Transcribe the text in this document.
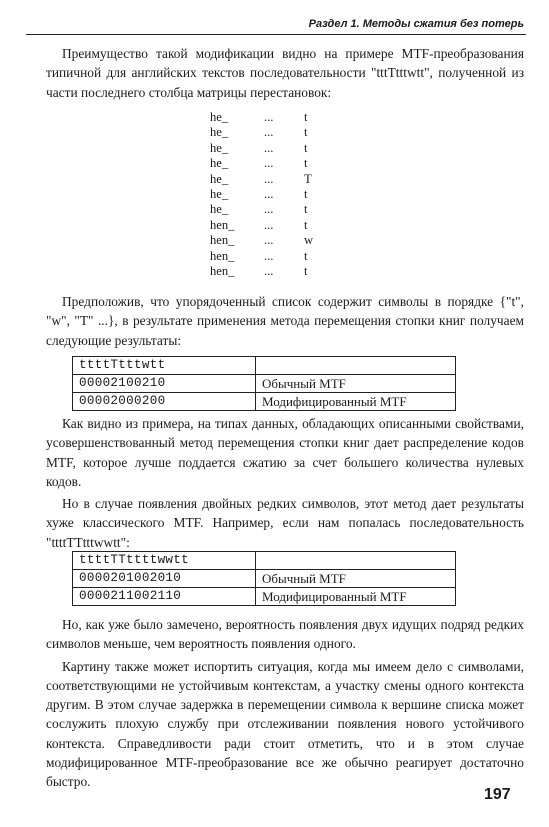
Раздел 1. Методы сжатия без потерь

Преимущество такой модификации видно на примере MTF-преобразования типичной для английских текстов последовательности "tttTtttwtt", полученной из части последнего столбца матрицы перестановок:

he_	...	t
he_	...	t
he_	...	t
he_	...	t
he_	...	T
he_	...	t
he_	...	t
hen_	...	t
hen_	...	w
hen_	...	t
hen_	...	t

Предположив, что упорядоченный список содержит символы в порядке {"t", "w", "T" ...}, в результате применения метода перемещения стопки книг получаем следующие результаты:

ttttTtttwtt	
00002100210	Обычный MTF
00002000200	Модифицированный MTF

Как видно из примера, на типах данных, обладающих описанными свойствами, усовершенствованный метод перемещения стопки книг дает распределение кодов MTF, которое лучше поддается сжатию за счет большего количества нулевых кодов.

Но в случае появления двойных редких символов, этот метод дает результаты хуже классического MTF. Например, если нам попалась последовательность "ttttTTtttwwtt":

ttttTTttttwwtt	
0000201002010	Обычный MTF
0000211002110	Модифицированный MTF

Но, как уже было замечено, вероятность появления двух идущих подряд редких символов меньше, чем вероятность появления одного.

Картину также может испортить ситуация, когда мы имеем дело с символами, соответствующими не устойчивым контекстам, а участку смены одного контекста другим. В этом случае задержка в перемещении символа к вершине списка может сослужить плохую службу при отслеживании появления нового устойчивого контекста. Справедливости ради стоит отметить, что и в этом случае модифицированное MTF-преобразование все же обычно реагирует достаточно быстро.

197
